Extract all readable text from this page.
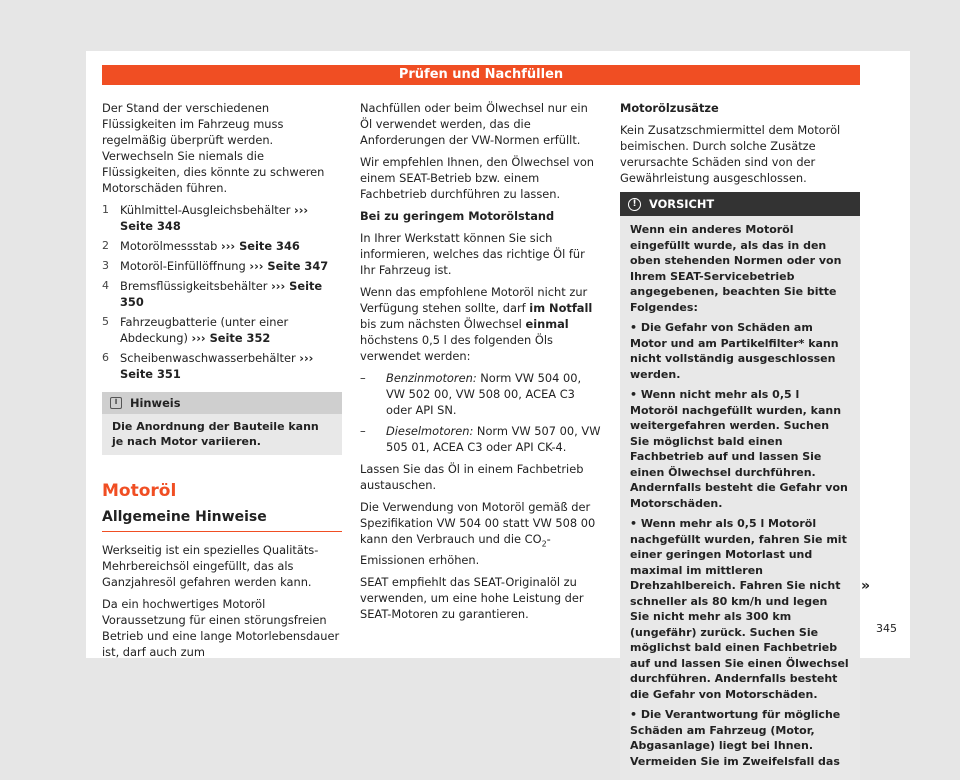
Prüfen und Nachfüllen

Der Stand der verschiedenen Flüssigkeiten im Fahrzeug muss regelmäßig überprüft werden. Verwechseln Sie niemals die Flüssigkeiten, dies könnte zu schweren Motorschäden führen.

1 Kühlmittel-Ausgleichsbehälter ››› Seite 348
2 Motorölmessstab ››› Seite 346
3 Motoröl-Einfüllöffnung ››› Seite 347
4 Bremsflüssigkeitsbehälter ››› Seite 350
5 Fahrzeugbatterie (unter einer Abdeckung) ››› Seite 352
6 Scheibenwaschwasserbehälter ››› Seite 351
i	Hinweis
Die Anordnung der Bauteile kann je nach Motor variieren.
Motoröl
Allgemeine Hinweise

Werkseitig ist ein spezielles Qualitäts-Mehrbereichsöl eingefüllt, das als Ganzjahresöl gefahren werden kann.

Da ein hochwertiges Motoröl Voraussetzung für einen störungsfreien Betrieb und eine lange Motorlebensdauer ist, darf auch zum

Nachfüllen oder beim Ölwechsel nur ein Öl verwendet werden, das die Anforderungen der VW-Normen erfüllt.

Wir empfehlen Ihnen, den Ölwechsel von einem SEAT-Betrieb bzw. einem Fachbetrieb durchführen zu lassen.

Bei zu geringem Motorölstand

In Ihrer Werkstatt können Sie sich informieren, welches das richtige Öl für Ihr Fahrzeug ist.

Wenn das empfohlene Motoröl nicht zur Verfügung stehen sollte, darf im Notfall bis zum nächsten Ölwechsel einmal höchstens 0,5 l des folgenden Öls verwendet werden:

–	Benzinmotoren: Norm VW 504 00, VW 502 00, VW 508 00, ACEA C3 oder API SN.
–	Dieselmotoren: Norm VW 507 00, VW 505 01, ACEA C3 oder API CK-4.

Lassen Sie das Öl in einem Fachbetrieb austauschen.

Die Verwendung von Motoröl gemäß der Spezifikation VW 504 00 statt VW 508 00 kann den Verbrauch und die $CO_2$-Emissionen erhöhen.

SEAT empfiehlt das SEAT-Originalöl zu verwenden, um eine hohe Leistung der SEAT-Motoren zu garantieren.

Motorölzusätze

Kein Zusatzschmiermittel dem Motoröl beimischen. Durch solche Zusätze verursachte Schäden sind von der Gewährleistung ausgeschlossen.

!	VORSICHT

Wenn ein anderes Motoröl eingefüllt wurde, als das in den oben stehenden Normen oder von Ihrem SEAT-Servicebetrieb angegebenen, beachten Sie bitte Folgendes:

• Die Gefahr von Schäden am Motor und am Partikelfilter* kann nicht vollständig ausgeschlossen werden.

• Wenn nicht mehr als 0,5 l Motoröl nachgefüllt wurden, kann weitergefahren werden. Suchen Sie möglichst bald einen Fachbetrieb auf und lassen Sie einen Ölwechsel durchführen. Andernfalls besteht die Gefahr von Motorschäden.

• Wenn mehr als 0,5 l Motoröl nachgefüllt wurden, fahren Sie mit einer geringen Motorlast und maximal im mittleren Drehzahlbereich. Fahren Sie nicht schneller als 80 km/h und legen Sie nicht mehr als 300 km (ungefähr) zurück. Suchen Sie möglichst bald einen Fachbetrieb auf und lassen Sie einen Ölwechsel durchführen. Andernfalls besteht die Gefahr von Motorschäden.

• Die Verantwortung für mögliche Schäden am Fahrzeug (Motor, Abgasanlage) liegt bei Ihnen. Vermeiden Sie im Zweifelsfall das

»
345
